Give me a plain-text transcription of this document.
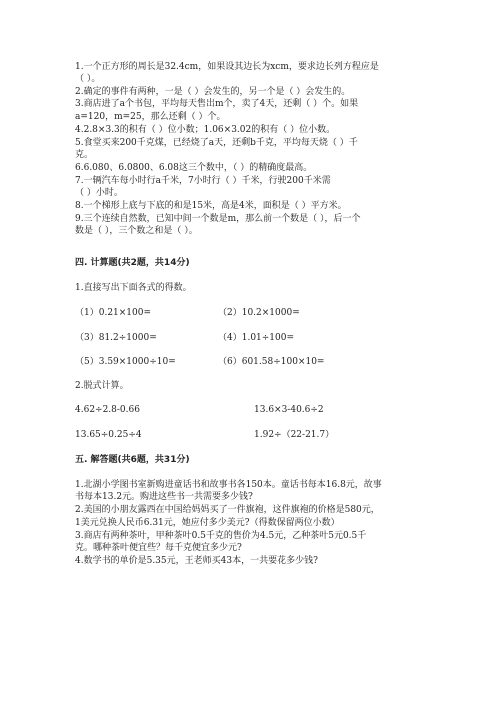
1.一个正方形的周长是32.4cm，如果设其边长为xcm，要求边长列方程应是
（ ）。
2.确定的事件有两种，一是（ ）会发生的，另一个是（ ）会发生的。
3.商店进了a个书包，平均每天售出m个，卖了4天，还剩（ ）个。如果
a=120，m=25，那么还剩（ ）个。
4.2.8×3.3的积有（ ）位小数；1.06×3.02的积有（ ）位小数。
5.食堂买来200千克煤，已经烧了a天，还剩b千克，平均每天烧（ ）千
克。
6.6.080、6.0800、6.08这三个数中，（ ）的精确度最高。
7.一辆汽车每小时行a千米，7小时行（ ）千米，行驶200千米需
（ ）小时。
8.一个梯形上底与下底的和是15米，高是4米，面积是（ ）平方米。
9.三个连续自然数，已知中间一个数是m，那么前一个数是（ ），后一个
数是（ ），三个数之和是（ ）。
四. 计算题(共2题，共14分)
1.直接写出下面各式的得数。
（1）0.21×100=	（2）10.2×1000=
（3）81.2÷1000=	（4）1.01÷100=
（5）3.59×1000÷10=	（6）601.58÷100×10=
2.脱式计算。
4.62÷2.8-0.66	13.6×3-40.6÷2
13.65÷0.25÷4	1.92÷（22-21.7）
五. 解答题(共6题，共31分)
1.北湖小学图书室新购进童话书和故事书各150本。童话书每本16.8元，故事
书每本13.2元。购进这些书一共需要多少钱?
2.美国的小朋友露西在中国给妈妈买了一件旗袍，这件旗袍的价格是580元，
1美元兑换人民币6.31元，她应付多少美元?（得数保留两位小数）
3.商店有两种茶叶，甲种茶叶0.5千克的售价为4.5元，乙种茶叶5元0.5千
克。哪种茶叶便宜些？每千克便宜多少元?
4.数学书的单价是5.35元，王老师买43本，一共要花多少钱?
